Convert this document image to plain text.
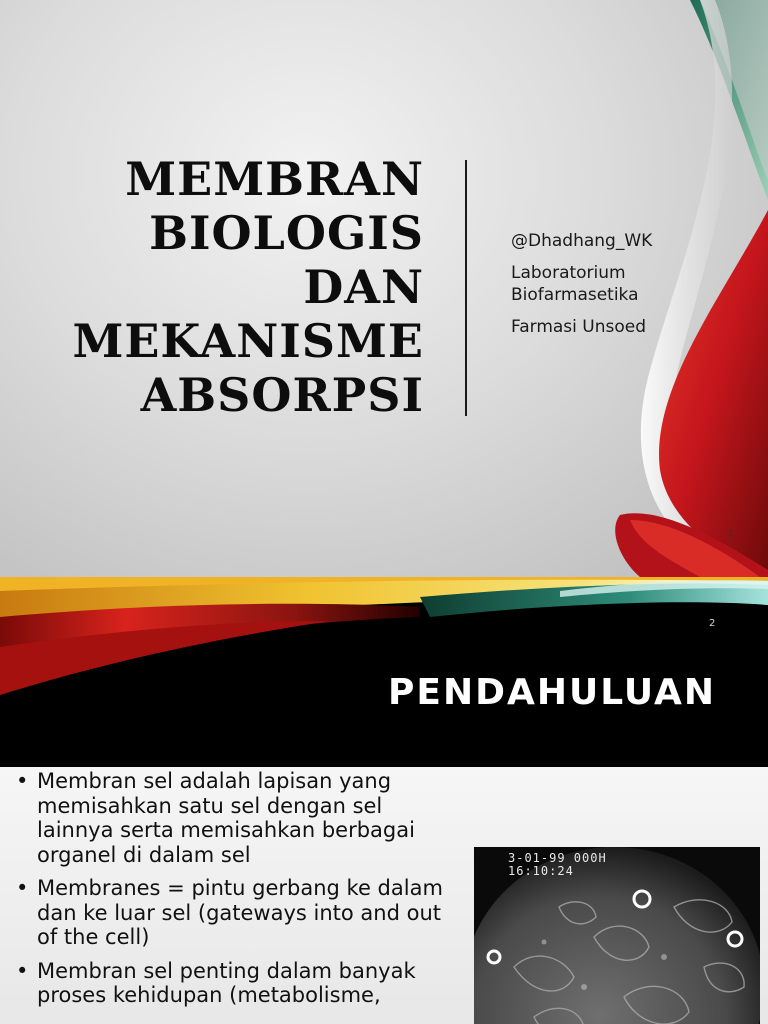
MEMBRAN
BIOLOGIS
DAN
MEKANISME
ABSORPSI
@Dhadhang_WK
Laboratorium Biofarmasetika
Farmasi Unsoed
1
2
PENDAHULUAN
• Membran sel adalah lapisan yang memisahkan satu sel dengan sel lainnya serta memisahkan berbagai organel di dalam sel
• Membranes = pintu gerbang ke dalam dan ke luar sel (gateways into and out of the cell)
• Membran sel penting dalam banyak proses kehidupan (metabolisme,
3-01-99 000H
16:10:24
